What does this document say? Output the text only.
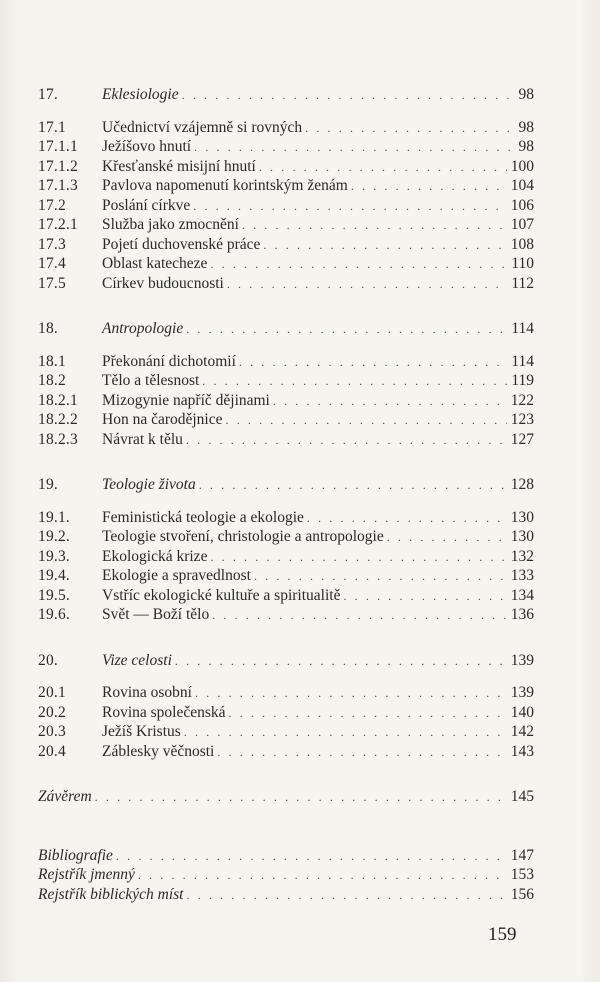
17.	Eklesiologie . . .	98
17.1	Učednictví vzájemně si rovných . . .	98
17.1.1	Ježíšovo hnutí . . .	98
17.1.2	Křesťanské misijní hnutí . . .	100
17.1.3	Pavlova napomenutí korintským ženám . . .	104
17.2	Poslání církve . . .	106
17.2.1	Služba jako zmocnění . . .	107
17.3	Pojetí duchovenské práce . . .	108
17.4	Oblast katecheze . . .	110
17.5	Církev budoucnosti . . .	112
18.	Antropologie . . .	114
18.1	Překonání dichotomií . . .	114
18.2	Tělo a tělesnost . . .	119
18.2.1	Mizogynie napříč dějinami . . .	122
18.2.2	Hon na čarodějnice . . .	123
18.2.3	Návrat k tělu . . .	127
19.	Teologie života . . .	128
19.1.	Feministická teologie a ekologie . . .	130
19.2.	Teologie stvoření, christologie a antropologie . . .	130
19.3.	Ekologická krize . . .	132
19.4.	Ekologie a spravedlnost . . .	133
19.5.	Vstříc ekologické kultuře a spiritualitě . . .	134
19.6.	Svět — Boží tělo . . .	136
20.	Vize celosti . . .	139
20.1	Rovina osobní . . .	139
20.2	Rovina společenská . . .	140
20.3	Ježíš Kristus . . .	142
20.4	Záblesky věčnosti . . .	143
Závěrem . . .	145
Bibliografie . . .	147
Rejstřík jmenný . . .	153
Rejstřík biblických míst . . .	156
159
